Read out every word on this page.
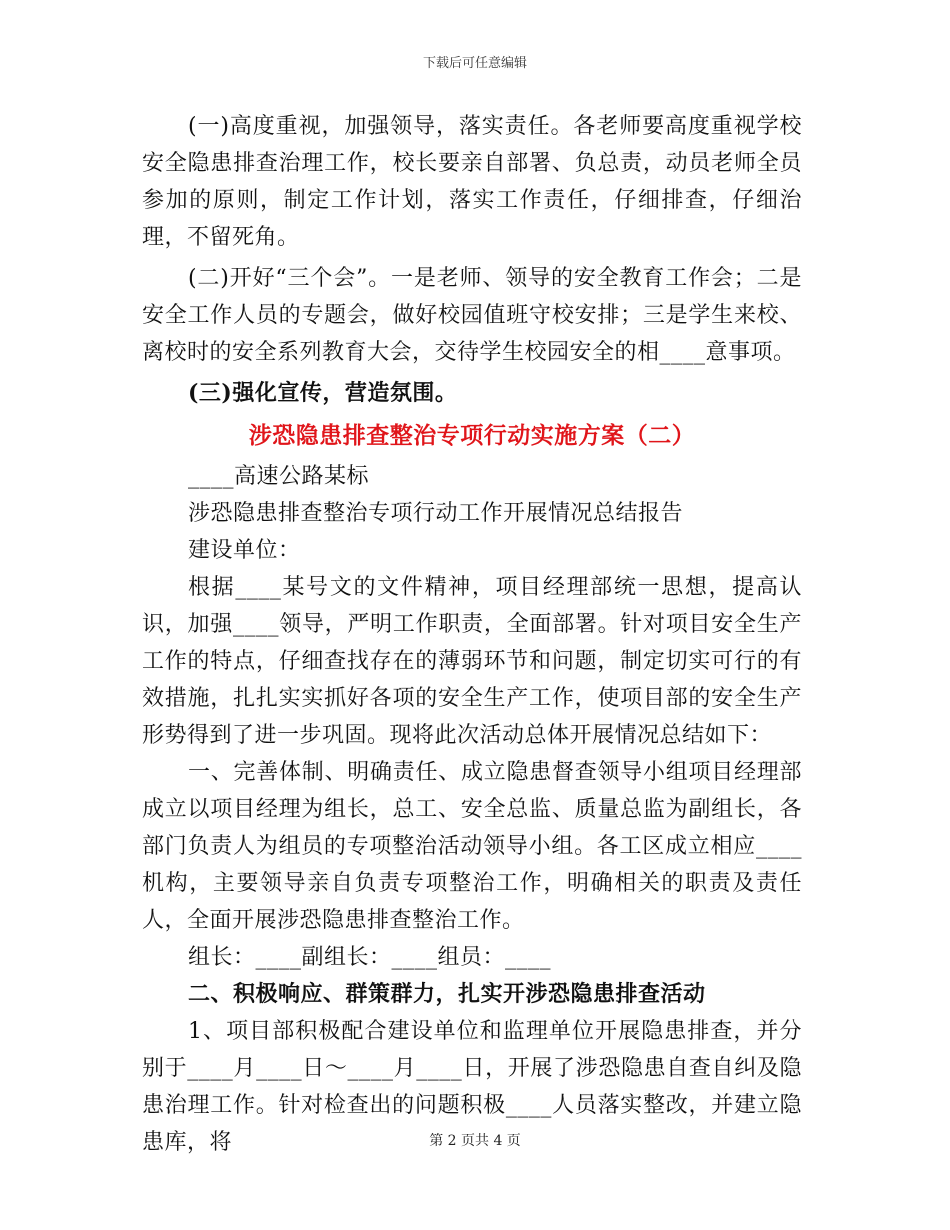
下载后可任意编辑

(一)高度重视，加强领导，落实责任。各老师要高度重视学校安全隐患排查治理工作，校长要亲自部署、负总责，动员老师全员参加的原则，制定工作计划，落实工作责任，仔细排查，仔细治理，不留死角。

(二)开好“三个会”。一是老师、领导的安全教育工作会；二是安全工作人员的专题会，做好校园值班守校安排；三是学生来校、离校时的安全系列教育大会，交待学生校园安全的相____意事项。

(三)强化宣传，营造氛围。

涉恐隐患排查整治专项行动实施方案（二）

____高速公路某标

涉恐隐患排查整治专项行动工作开展情况总结报告

建设单位：

根据____某号文的文件精神，项目经理部统一思想，提高认识，加强____领导，严明工作职责，全面部署。针对项目安全生产工作的特点，仔细查找存在的薄弱环节和问题，制定切实可行的有效措施，扎扎实实抓好各项的安全生产工作，使项目部的安全生产形势得到了进一步巩固。现将此次活动总体开展情况总结如下：

一、完善体制、明确责任、成立隐患督查领导小组项目经理部成立以项目经理为组长，总工、安全总监、质量总监为副组长，各部门负责人为组员的专项整治活动领导小组。各工区成立相应____机构，主要领导亲自负责专项整治工作，明确相关的职责及责任人，全面开展涉恐隐患排查整治工作。

组长：____副组长：____组员：____

二、积极响应、群策群力，扎实开涉恐隐患排查活动

1、项目部积极配合建设单位和监理单位开展隐患排查，并分别于____月____日～____月____日，开展了涉恐隐患自查自纠及隐患治理工作。针对检查出的问题积极____人员落实整改，并建立隐患库，将	第 2 页共 4 页
